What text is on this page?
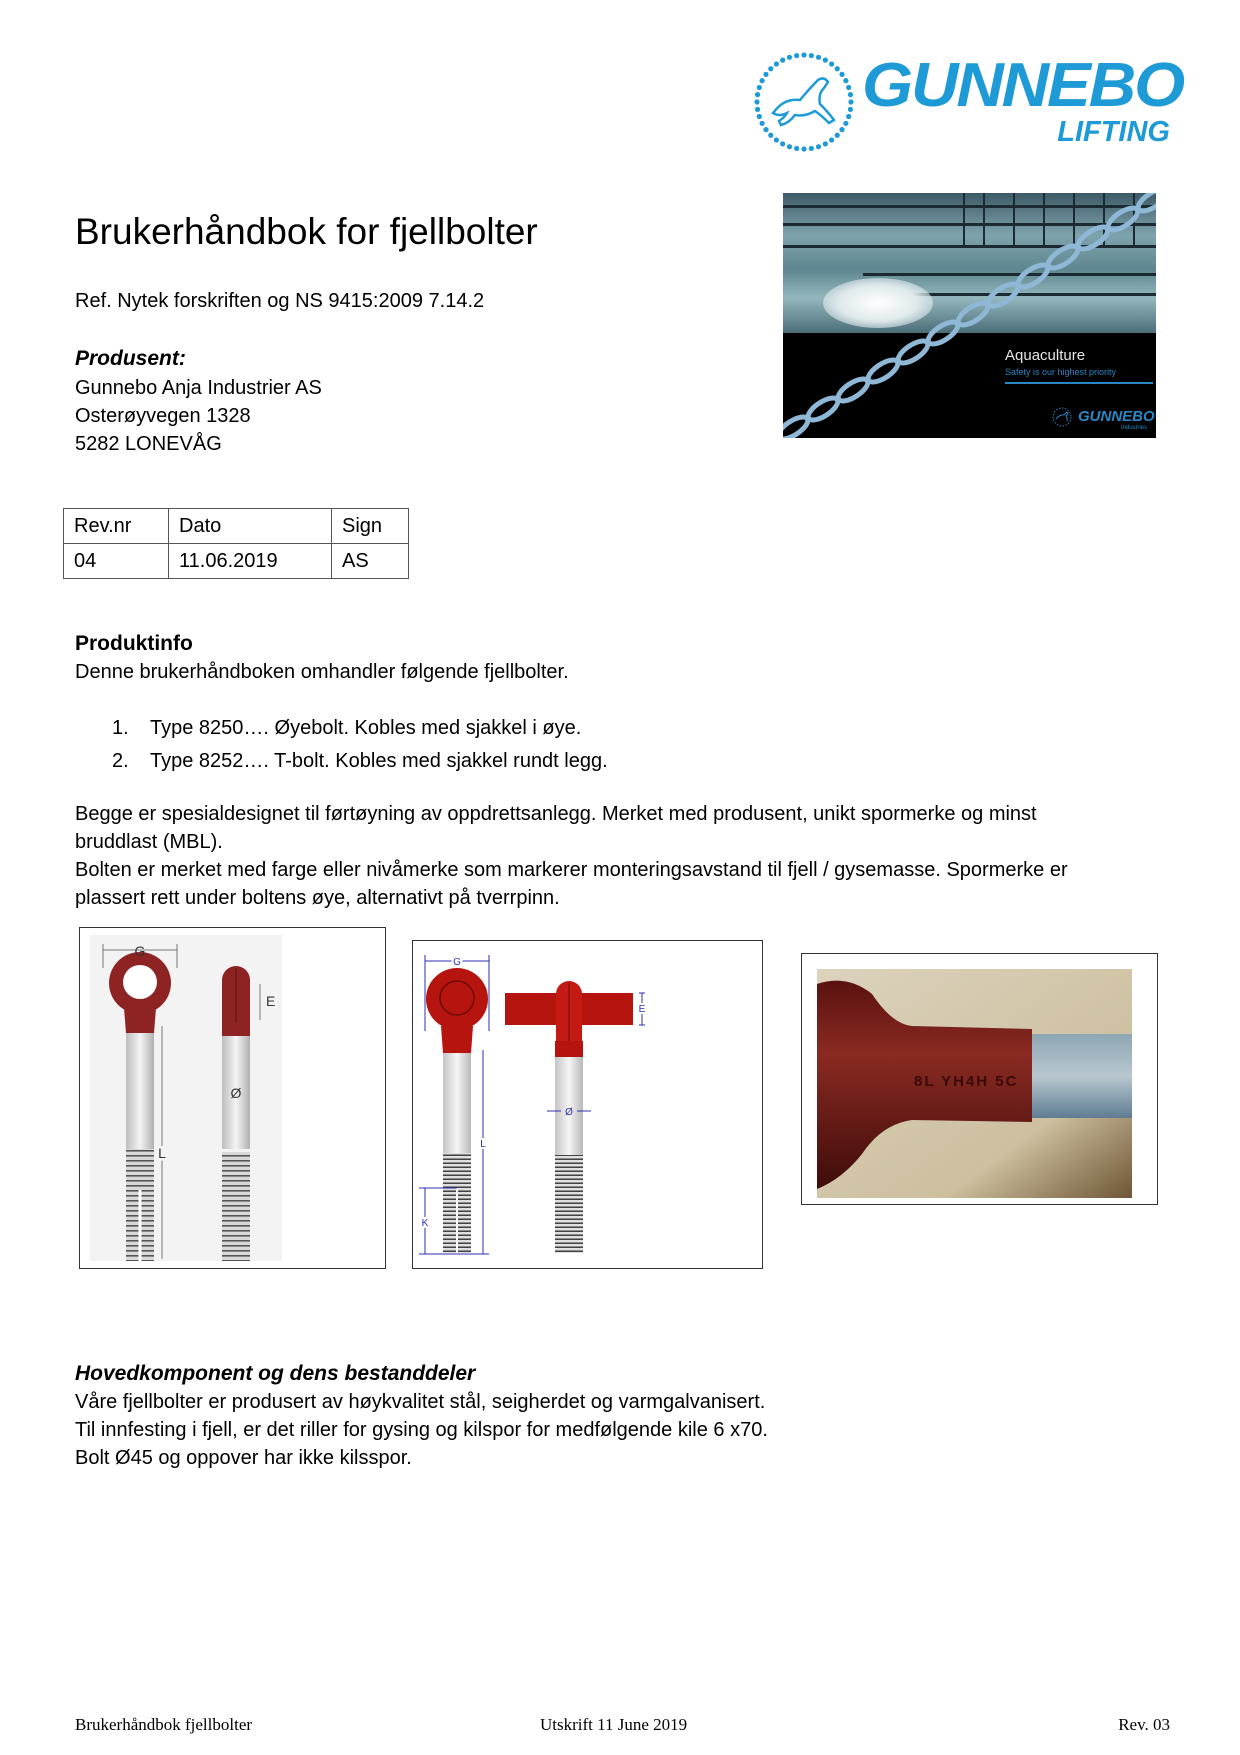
GUNNEBO
LIFTING
Brukerhåndbok for fjellbolter
Ref. Nytek forskriften og NS 9415:2009 7.14.2
Produsent:
Gunnebo Anja Industrier AS
Osterøyvegen 1328
5282 LONEVÅG
Aquaculture
Safety is our highest priority
GUNNEBO
Industries
Rev.nr	Dato	Sign
04	11.06.2019	AS
Produktinfo
Denne brukerhåndboken omhandler følgende fjellbolter.
1. Type 8250…. Øyebolt. Kobles med sjakkel i øye.
2. Type 8252…. T-bolt. Kobles med sjakkel rundt legg.
Begge er spesialdesignet til førtøyning av oppdrettsanlegg. Merket med produsent, unikt spormerke og minst
bruddlast (MBL).
Bolten er merket med farge eller nivåmerke som markerer monteringsavstand til fjell / gysemasse. Spormerke er
plassert rett under boltens øye, alternativt på tverrpinn.
G
L
E
Ø
G
L
K
E
Ø
8L YH4H 5C
Hovedkomponent og dens bestanddeler
Våre fjellbolter er produsert av høykvalitet stål, seigherdet og varmgalvanisert.
Til innfesting i fjell, er det riller for gysing og kilspor for medfølgende kile 6 x70.
Bolt Ø45 og oppover har ikke kilsspor.
Brukerhåndbok fjellbolter	Utskrift 11 June 2019	Rev. 03
